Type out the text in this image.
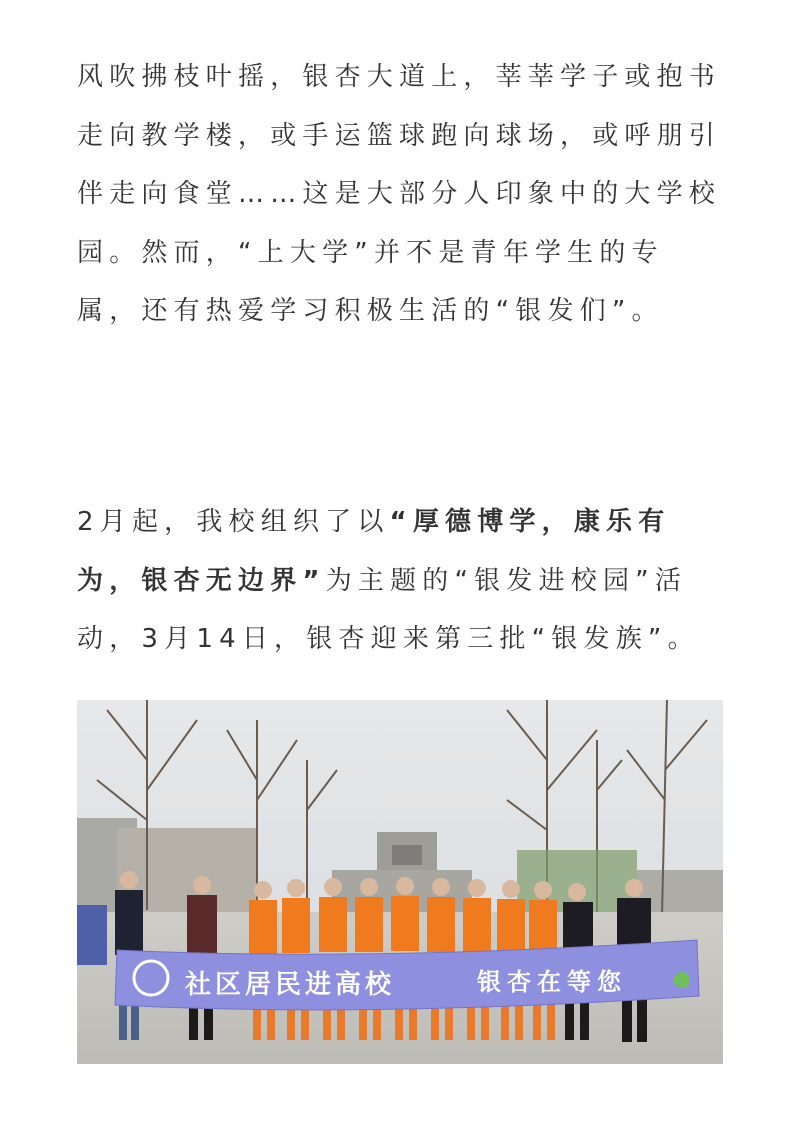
风吹拂枝叶摇，银杏大道上，莘莘学子或抱书走向教学楼，或手运篮球跑向球场，或呼朋引伴走向食堂……这是大部分人印象中的大学校园。然而，“上大学”并不是青年学生的专属，还有热爱学习积极生活的“银发们”。

2月起，我校组织了以“厚德博学，康乐有为，银杏无边界”为主题的“银发进校园”活动，3月14日，银杏迎来第三批“银发族”。

社区居民进高校	银杏在等您
